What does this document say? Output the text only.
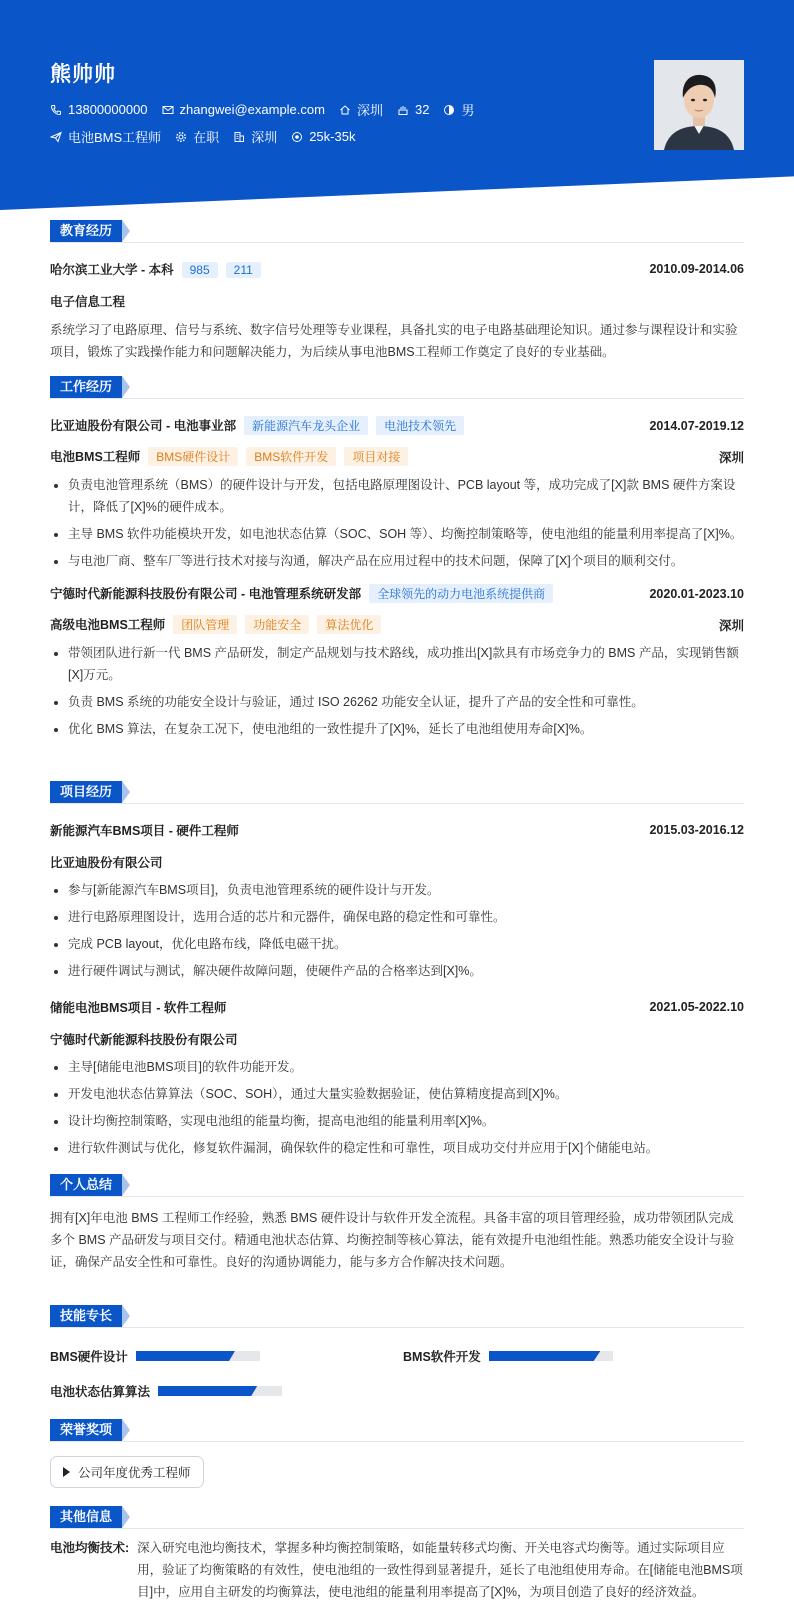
熊帅帅
13800000000 zhangwei@example.com 深圳 32 男
电池BMS工程师 在职 深圳 25k-35k
教育经历
哈尔滨工业大学 - 本科 985 211	2010.09-2014.06
电子信息工程
系统学习了电路原理、信号与系统、数字信号处理等专业课程，具备扎实的电子电路基础理论知识。通过参与课程设计和实验项目，锻炼了实践操作能力和问题解决能力，为后续从事电池BMS工程师工作奠定了良好的专业基础。
工作经历
比亚迪股份有限公司 - 电池事业部 新能源汽车龙头企业 电池技术领先	2014.07-2019.12
电池BMS工程师 BMS硬件设计 BMS软件开发 项目对接	深圳
• 负责电池管理系统（BMS）的硬件设计与开发，包括电路原理图设计、PCB layout 等，成功完成了[X]款 BMS 硬件方案设计，降低了[X]%的硬件成本。
• 主导 BMS 软件功能模块开发，如电池状态估算（SOC、SOH 等）、均衡控制策略等，使电池组的能量利用率提高了[X]%。
• 与电池厂商、整车厂等进行技术对接与沟通，解决产品在应用过程中的技术问题，保障了[X]个项目的顺利交付。
宁德时代新能源科技股份有限公司 - 电池管理系统研发部 全球领先的动力电池系统提供商	2020.01-2023.10
高级电池BMS工程师 团队管理 功能安全 算法优化	深圳
• 带领团队进行新一代 BMS 产品研发，制定产品规划与技术路线，成功推出[X]款具有市场竞争力的 BMS 产品，实现销售额[X]万元。
• 负责 BMS 系统的功能安全设计与验证，通过 ISO 26262 功能安全认证，提升了产品的安全性和可靠性。
• 优化 BMS 算法，在复杂工况下，使电池组的一致性提升了[X]%，延长了电池组使用寿命[X]%。
项目经历
新能源汽车BMS项目 - 硬件工程师	2015.03-2016.12
比亚迪股份有限公司
• 参与[新能源汽车BMS项目]，负责电池管理系统的硬件设计与开发。
• 进行电路原理图设计，选用合适的芯片和元器件，确保电路的稳定性和可靠性。
• 完成 PCB layout，优化电路布线，降低电磁干扰。
• 进行硬件调试与测试，解决硬件故障问题，使硬件产品的合格率达到[X]%。
储能电池BMS项目 - 软件工程师	2021.05-2022.10
宁德时代新能源科技股份有限公司
• 主导[储能电池BMS项目]的软件功能开发。
• 开发电池状态估算算法（SOC、SOH），通过大量实验数据验证，使估算精度提高到[X]%。
• 设计均衡控制策略，实现电池组的能量均衡，提高电池组的能量利用率[X]%。
• 进行软件测试与优化，修复软件漏洞，确保软件的稳定性和可靠性，项目成功交付并应用于[X]个储能电站。
个人总结
拥有[X]年电池 BMS 工程师工作经验，熟悉 BMS 硬件设计与软件开发全流程。具备丰富的项目管理经验，成功带领团队完成多个 BMS 产品研发与项目交付。精通电池状态估算、均衡控制等核心算法，能有效提升电池组性能。熟悉功能安全设计与验证，确保产品安全性和可靠性。良好的沟通协调能力，能与多方合作解决技术问题。
技能专长
BMS硬件设计	BMS软件开发
电池状态估算算法
荣誉奖项
公司年度优秀工程师
其他信息
电池均衡技术: 深入研究电池均衡技术，掌握多种均衡控制策略，如能量转移式均衡、开关电容式均衡等。通过实际项目应用，验证了均衡策略的有效性，使电池组的一致性得到显著提升，延长了电池组使用寿命。在[储能电池BMS项目]中，应用自主研发的均衡算法，使电池组的能量利用率提高了[X]%，为项目创造了良好的经济效益。
